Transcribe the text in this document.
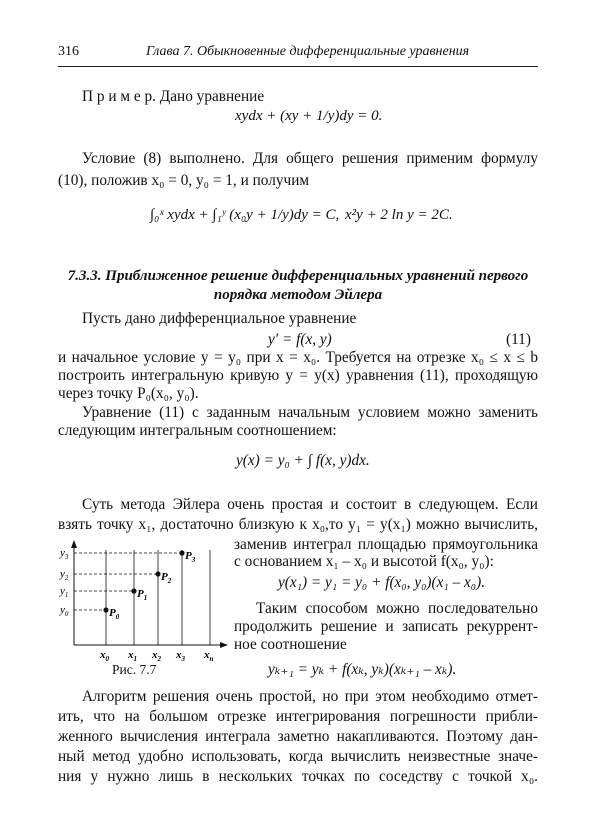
316	Глава 7. Обыкновенные дифференциальные уравнения
П р и м е р. Дано уравнение
xydx + (xy + 1/y)dy = 0.
Условие (8) выполнено. Для общего решения применим формулу
(10), положив x₀ = 0, y₀ = 1, и получим
∫₀ˣ xydx + ∫₁ʸ (x₀y + 1/y)dy = C, x²y + 2 ln y = 2C.
7.3.3. Приближенное решение дифференциальных уравнений первого
порядка методом Эйлера
Пусть дано дифференциальное уравнение
y′ = f(x, y)	(11)
и начальное условие y = y₀ при x = x₀. Требуется на отрезке x₀ ≤ x ≤ b
построить интегральную кривую y = y(x) уравнения (11), проходящую
через точку P₀(x₀, y₀).
Уравнение (11) с заданным начальным условием можно заменить
следующим интегральным соотношением:
y(x) = y₀ + ∫ f(x, y)dx.
Суть метода Эйлера очень простая и состоит в следующем. Если
взять точку x₁, достаточно близкую к x₀,то y₁ = y(x₁) можно вычислить,
заменив интеграл площадью прямоугольника
с основанием x₁ – x₀ и высотой f(x₀, y₀):
y(x₁) = y₁ = y₀ + f(x₀, y₀)(x₁ – x₀).
Таким способом можно последовательно
продолжить решение и записать рекуррент-
ное соотношение
yₖ₊₁ = yₖ + f(xₖ, yₖ)(xₖ₊₁ – xₖ).
Алгоритм решения очень простой, но при этом необходимо отмет-
ить, что на большом отрезке интегрирования погрешности прибли-
женного вычисления интеграла заметно накапливаются. Поэтому дан-
ный метод удобно использовать, когда вычислить неизвестные значе-
ния y нужно лишь в нескольких точках по соседству с точкой x₀.
$y_3$
$y_2$
$y_1$
$y_0$	$P_0$
$P_1$
$P_2$
$P_3$
$x_0$ $x_1$ $x_2$ $x_3$ $x_n$
Рис. 7.7
